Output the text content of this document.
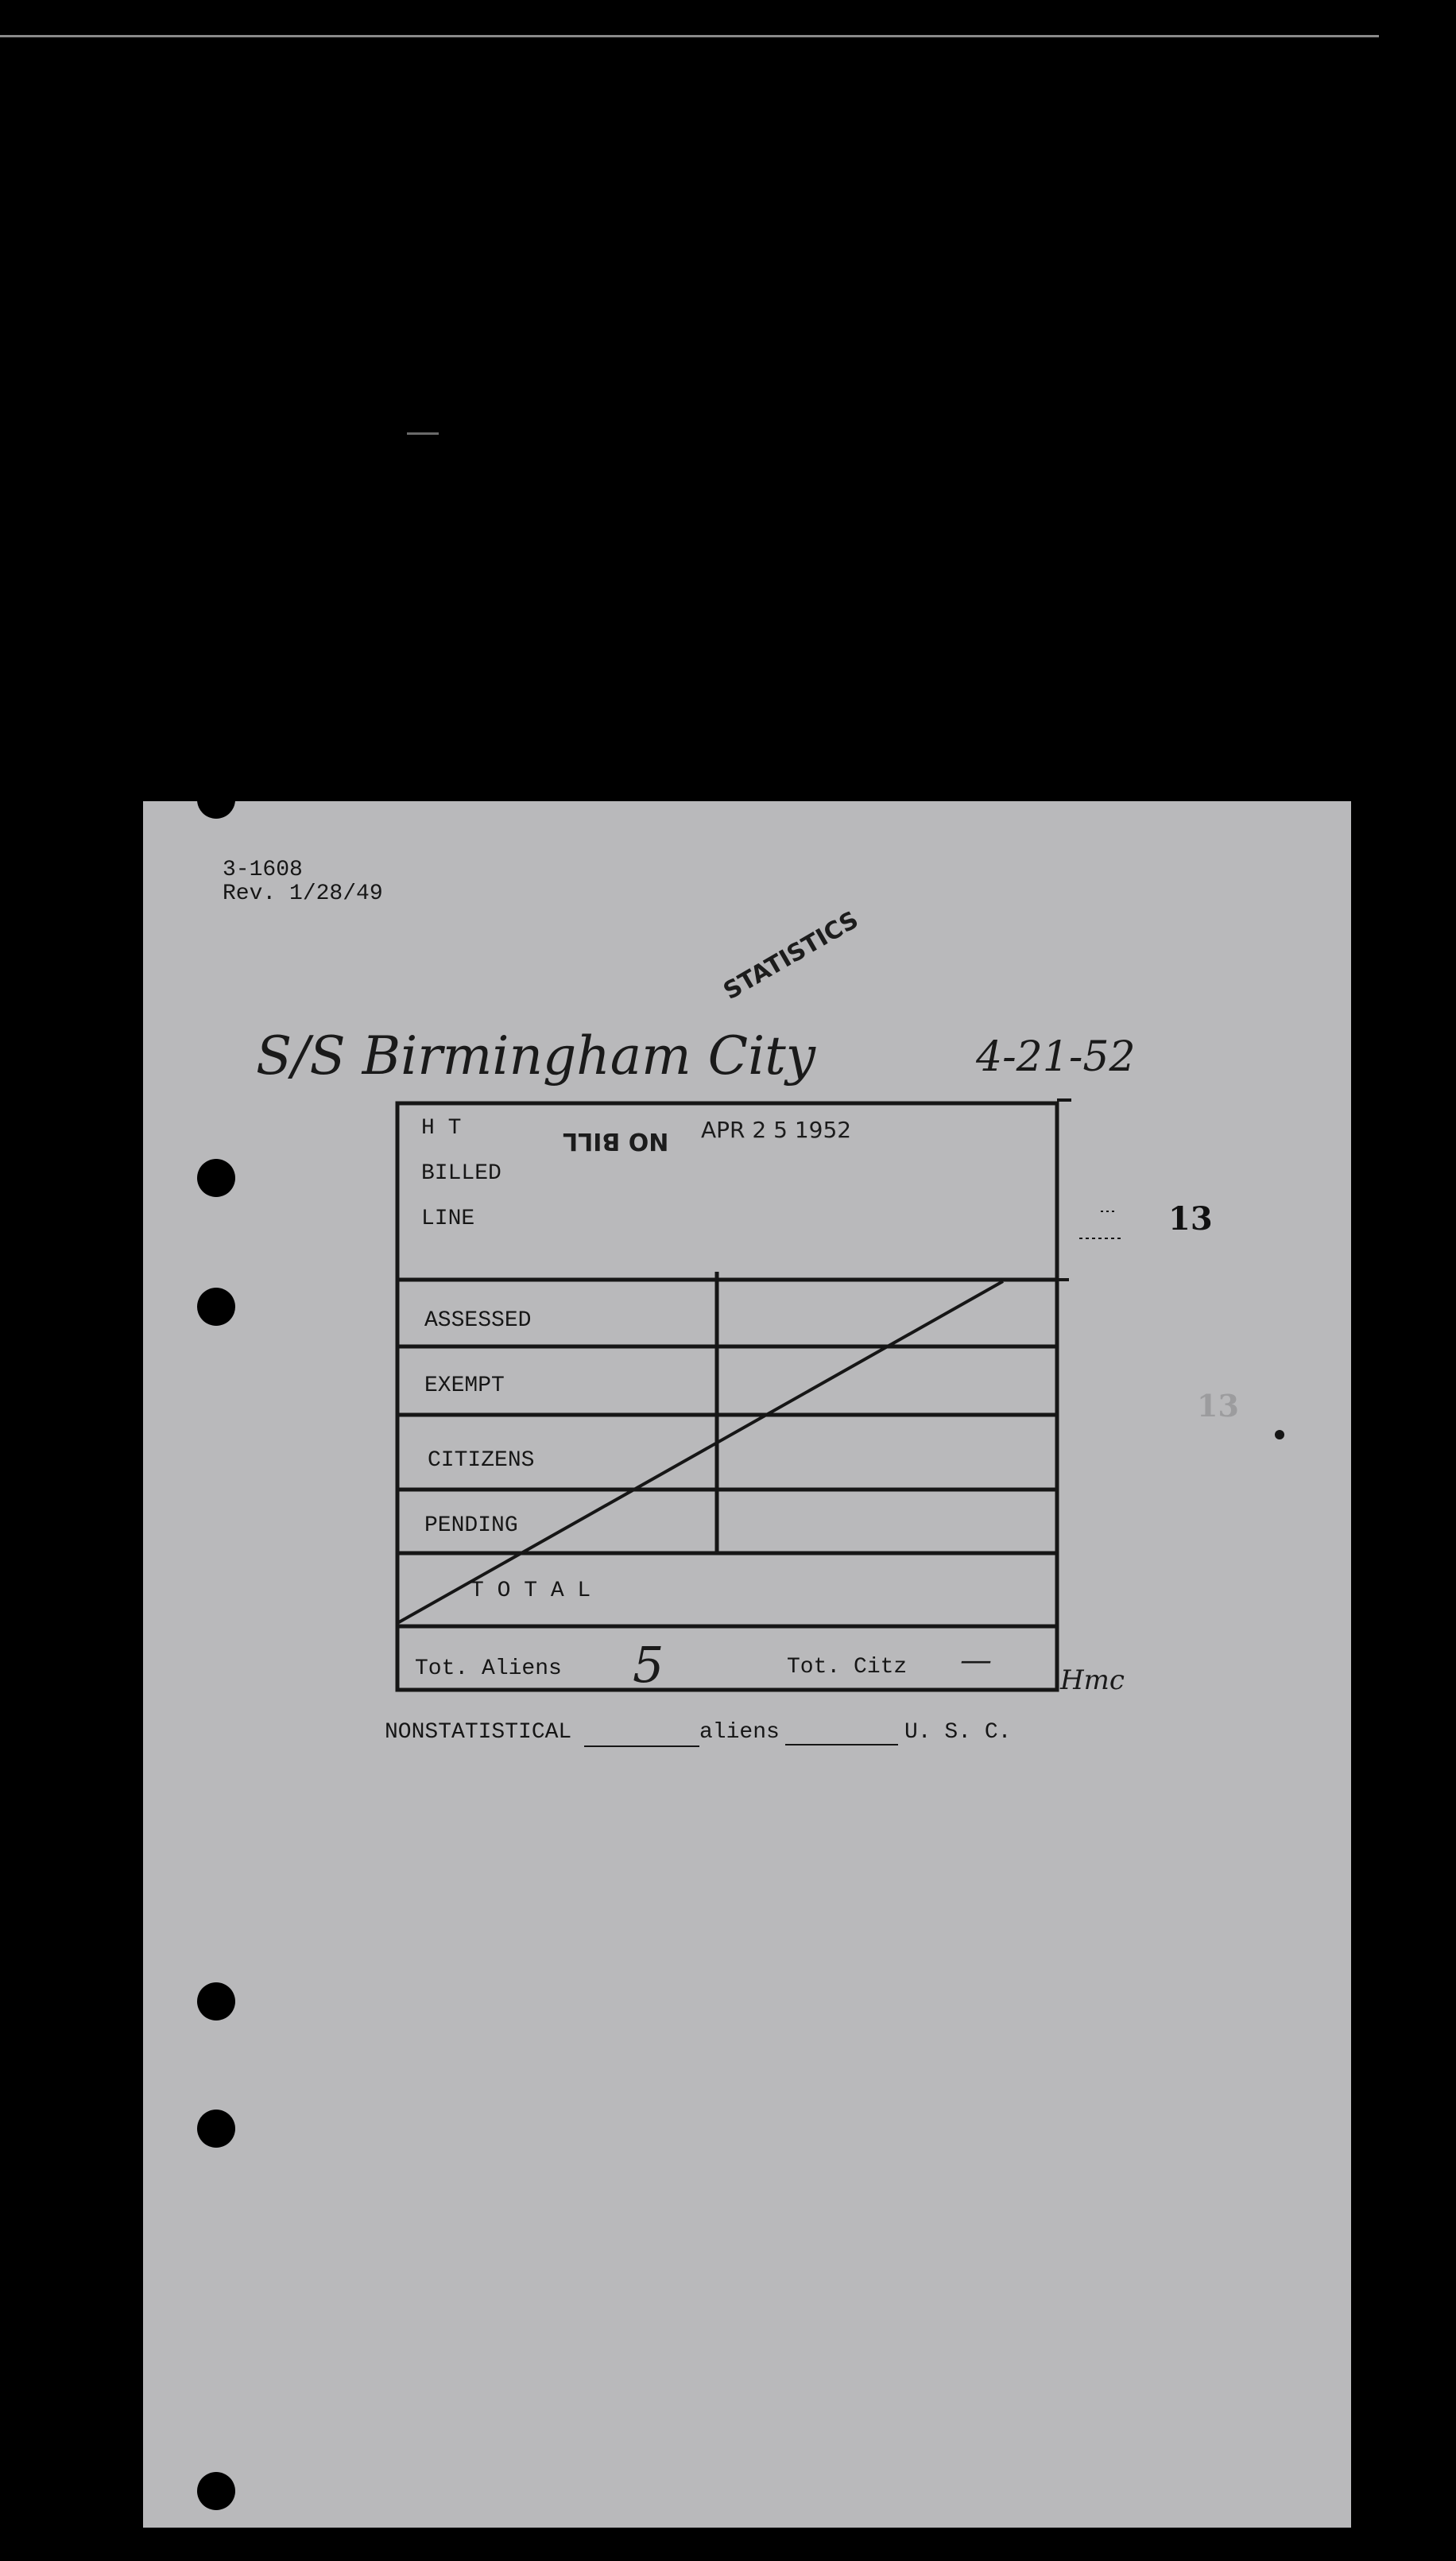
3-1608
Rev. 1/28/49
STATISTICS
S/S Birmingham City	4-21-52
H T
BILLED
LINE
NO BILL APR 2 5 1952
ASSESSED
EXEMPT
CITIZENS
PENDING
T O T A L
Tot. Aliens 5	Tot. Citz —
Hmc
NONSTATISTICAL	aliens	U. S. C.
13
13
